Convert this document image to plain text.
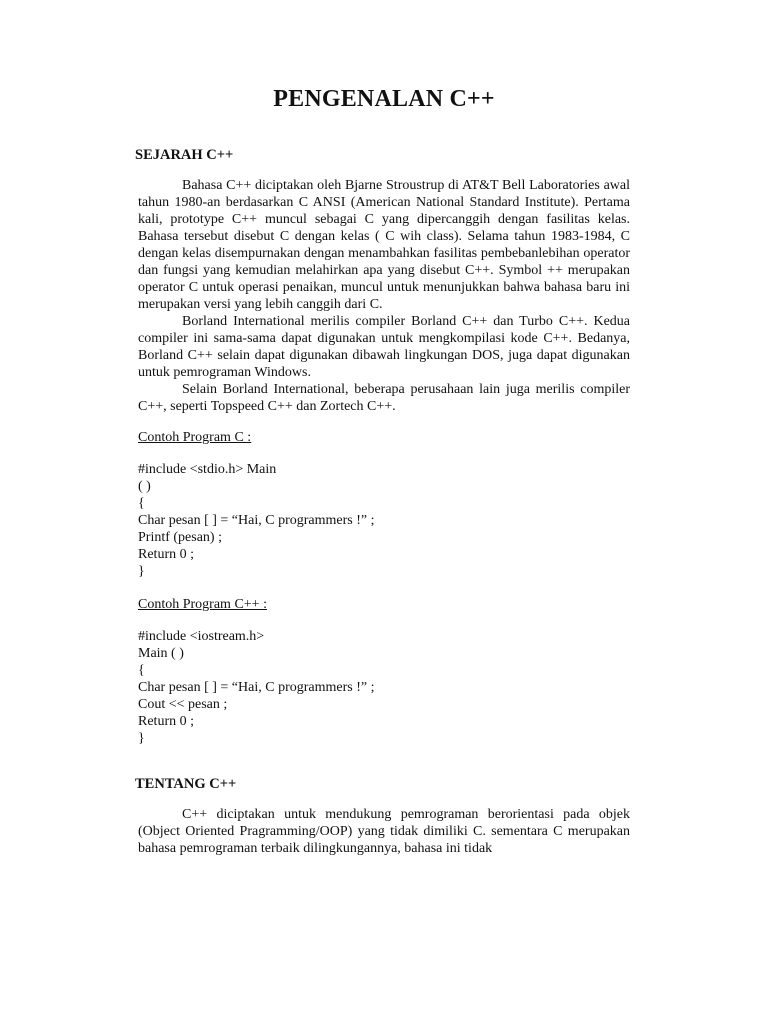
PENGENALAN C++
SEJARAH C++

Bahasa C++ diciptakan oleh Bjarne Stroustrup di AT&T Bell Laboratories awal tahun 1980-an berdasarkan C ANSI (American National Standard Institute). Pertama kali, prototype C++ muncul sebagai C yang dipercanggih dengan fasilitas kelas. Bahasa tersebut disebut C dengan kelas ( C wih class). Selama tahun 1983-1984, C dengan kelas disempurnakan dengan menambahkan fasilitas pembebanlebihan operator dan fungsi yang kemudian melahirkan apa yang disebut C++. Symbol ++ merupakan operator C untuk operasi penaikan, muncul untuk menunjukkan bahwa bahasa baru ini merupakan versi yang lebih canggih dari C.

Borland International merilis compiler Borland C++ dan Turbo C++. Kedua compiler ini sama-sama dapat digunakan untuk mengkompilasi kode C++. Bedanya, Borland C++ selain dapat digunakan dibawah lingkungan DOS, juga dapat digunakan untuk pemrograman Windows.

Selain Borland International, beberapa perusahaan lain juga merilis compiler C++, seperti Topspeed C++ dan Zortech C++.

Contoh Program C :
#include <stdio.h> Main
( )
{
Char pesan [ ] = “Hai, C programmers !” ;
Printf (pesan) ;
Return 0 ;
}
Contoh Program C++ :
#include <iostream.h>
Main ( )
{
Char pesan [ ] = “Hai, C programmers !” ;
Cout << pesan ;
Return 0 ;
}
TENTANG C++

C++ diciptakan untuk mendukung pemrograman berorientasi pada objek (Object Oriented Pragramming/OOP) yang tidak dimiliki C. sementara C merupakan bahasa pemrograman terbaik dilingkungannya, bahasa ini tidak
